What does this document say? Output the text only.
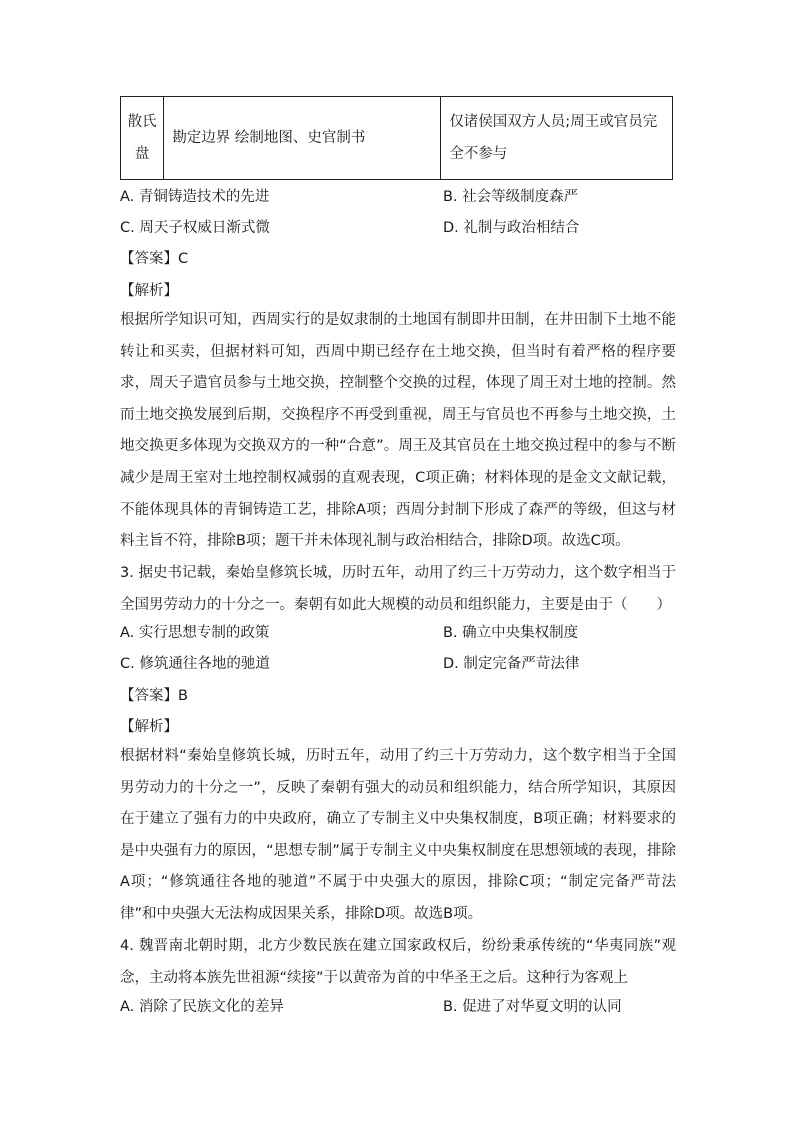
散氏盘	勘定边界 绘制地图、史官制书	仅诸侯国双方人员;周王或官员完全不参与
A. 青铜铸造技术的先进	B. 社会等级制度森严
C. 周天子权威日渐式微	D. 礼制与政治相结合
【答案】C
【解析】
根据所学知识可知，西周实行的是奴隶制的土地国有制即井田制，在井田制下土地不能转让和买卖，但据材料可知，西周中期已经存在土地交换，但当时有着严格的程序要求，周天子遣官员参与土地交换，控制整个交换的过程，体现了周王对土地的控制。然而土地交换发展到后期，交换程序不再受到重视，周王与官员也不再参与土地交换，土地交换更多体现为交换双方的一种“合意”。周王及其官员在土地交换过程中的参与不断减少是周王室对土地控制权减弱的直观表现，C项正确；材料体现的是金文文献记载，不能体现具体的青铜铸造工艺，排除A项；西周分封制下形成了森严的等级，但这与材料主旨不符，排除B项；题干并未体现礼制与政治相结合，排除D项。故选C项。
3. 据史书记载，秦始皇修筑长城，历时五年，动用了约三十万劳动力，这个数字相当于全国男劳动力的十分之一。秦朝有如此大规模的动员和组织能力，主要是由于（　　）
A. 实行思想专制的政策	B. 确立中央集权制度
C. 修筑通往各地的驰道	D. 制定完备严苛法律
【答案】B
【解析】
根据材料“秦始皇修筑长城，历时五年，动用了约三十万劳动力，这个数字相当于全国男劳动力的十分之一”，反映了秦朝有强大的动员和组织能力，结合所学知识，其原因在于建立了强有力的中央政府，确立了专制主义中央集权制度，B项正确；材料要求的是中央强有力的原因，“思想专制”属于专制主义中央集权制度在思想领域的表现，排除A项；“修筑通往各地的驰道”不属于中央强大的原因，排除C项；“制定完备严苛法律”和中央强大无法构成因果关系，排除D项。故选B项。
4. 魏晋南北朝时期，北方少数民族在建立国家政权后，纷纷秉承传统的“华夷同族”观念，主动将本族先世祖源“续接”于以黄帝为首的中华圣王之后。这种行为客观上
A. 消除了民族文化的差异	B. 促进了对华夏文明的认同
